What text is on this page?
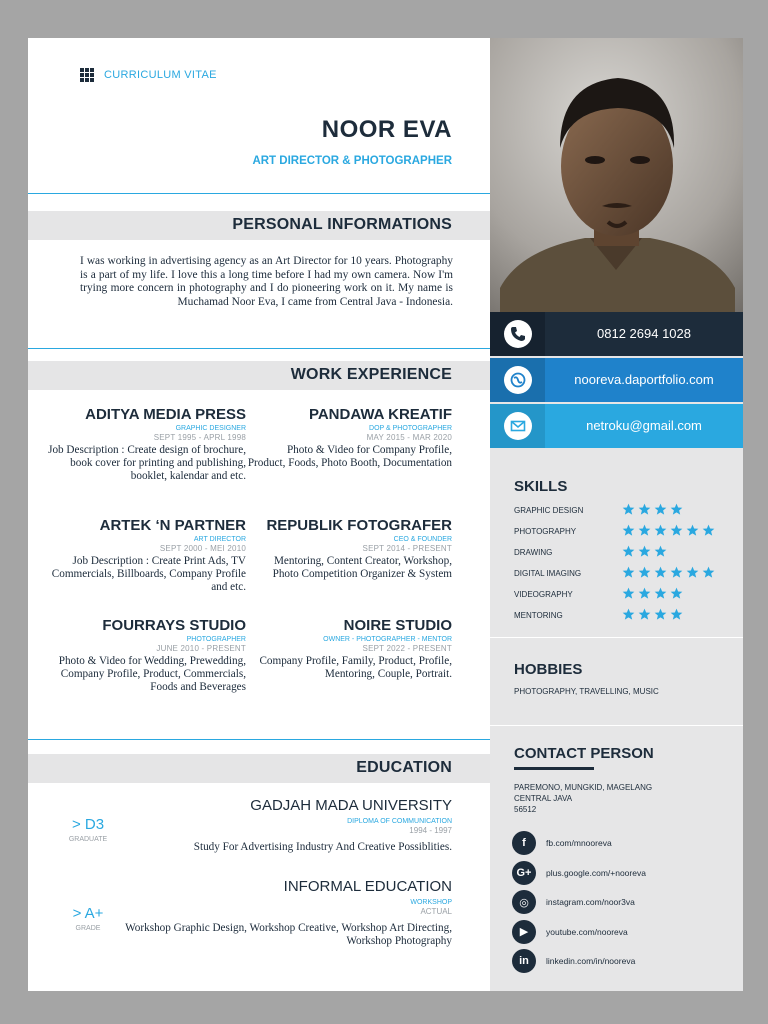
CURRICULUM VITAE
NOOR EVA
ART DIRECTOR & PHOTOGRAPHER
PERSONAL INFORMATIONS
I was working in advertising agency as an Art Director for 10 years. Photography is a part of my life. I love this a long time before I had my own camera. Now I'm trying more concern in photography and I do pioneering work on it. My name is Muchamad Noor Eva, I came from Central Java - Indonesia.
WORK EXPERIENCE
ADITYA MEDIA PRESS
GRAPHIC DESIGNER
SEPT 1995 - APRL 1998
Job Description : Create design of brochure, book cover for printing and publishing, booklet, kalendar and etc.
PANDAWA KREATIF
DOP & PHOTOGRAPHER
MAY 2015 - MAR 2020
Photo & Video for Company Profile, Product, Foods, Photo Booth, Documentation
ARTEK ‘N PARTNER
ART DIRECTOR
SEPT 2000 - MEI 2010
Job Description : Create Print Ads, TV Commercials, Billboards, Company Profile and etc.
REPUBLIK FOTOGRAFER
CEO & FOUNDER
SEPT 2014 - PRESENT
Mentoring, Content Creator, Workshop, Photo Competition Organizer & System
FOURRAYS STUDIO
PHOTOGRAPHER
JUNE 2010 - PRESENT
Photo & Video for Wedding, Prewedding, Company Profile, Product, Commercials, Foods and Beverages
NOIRE STUDIO
OWNER - PHOTOGRAPHER - MENTOR
SEPT 2022 - PRESENT
Company Profile, Family, Product, Profile, Mentoring, Couple, Portrait.
EDUCATION
GADJAH MADA UNIVERSITY
DIPLOMA OF COMMUNICATION
1994 - 1997
Study For Advertising Industry And Creative Possiblities.
> D3
GRADUATE
INFORMAL EDUCATION
WORKSHOP
ACTUAL
Workshop Graphic Design, Workshop Creative, Workshop Art Directing, Workshop Photography
> A+
GRADE
0812 2694 1028
nooreva.daportfolio.com
netroku@gmail.com
SKILLS
GRAPHIC DESIGN
PHOTOGRAPHY
DRAWING
DIGITAL IMAGING
VIDEOGRAPHY
MENTORING
HOBBIES
PHOTOGRAPHY, TRAVELLING, MUSIC
CONTACT PERSON
PAREMONO, MUNGKID, MAGELANG
CENTRAL JAVA
56512
f	fb.com/mnooreva
G+	plus.google.com/+nooreva
◎	instagram.com/noor3va
▶	youtube.com/nooreva
in	linkedin.com/in/nooreva
